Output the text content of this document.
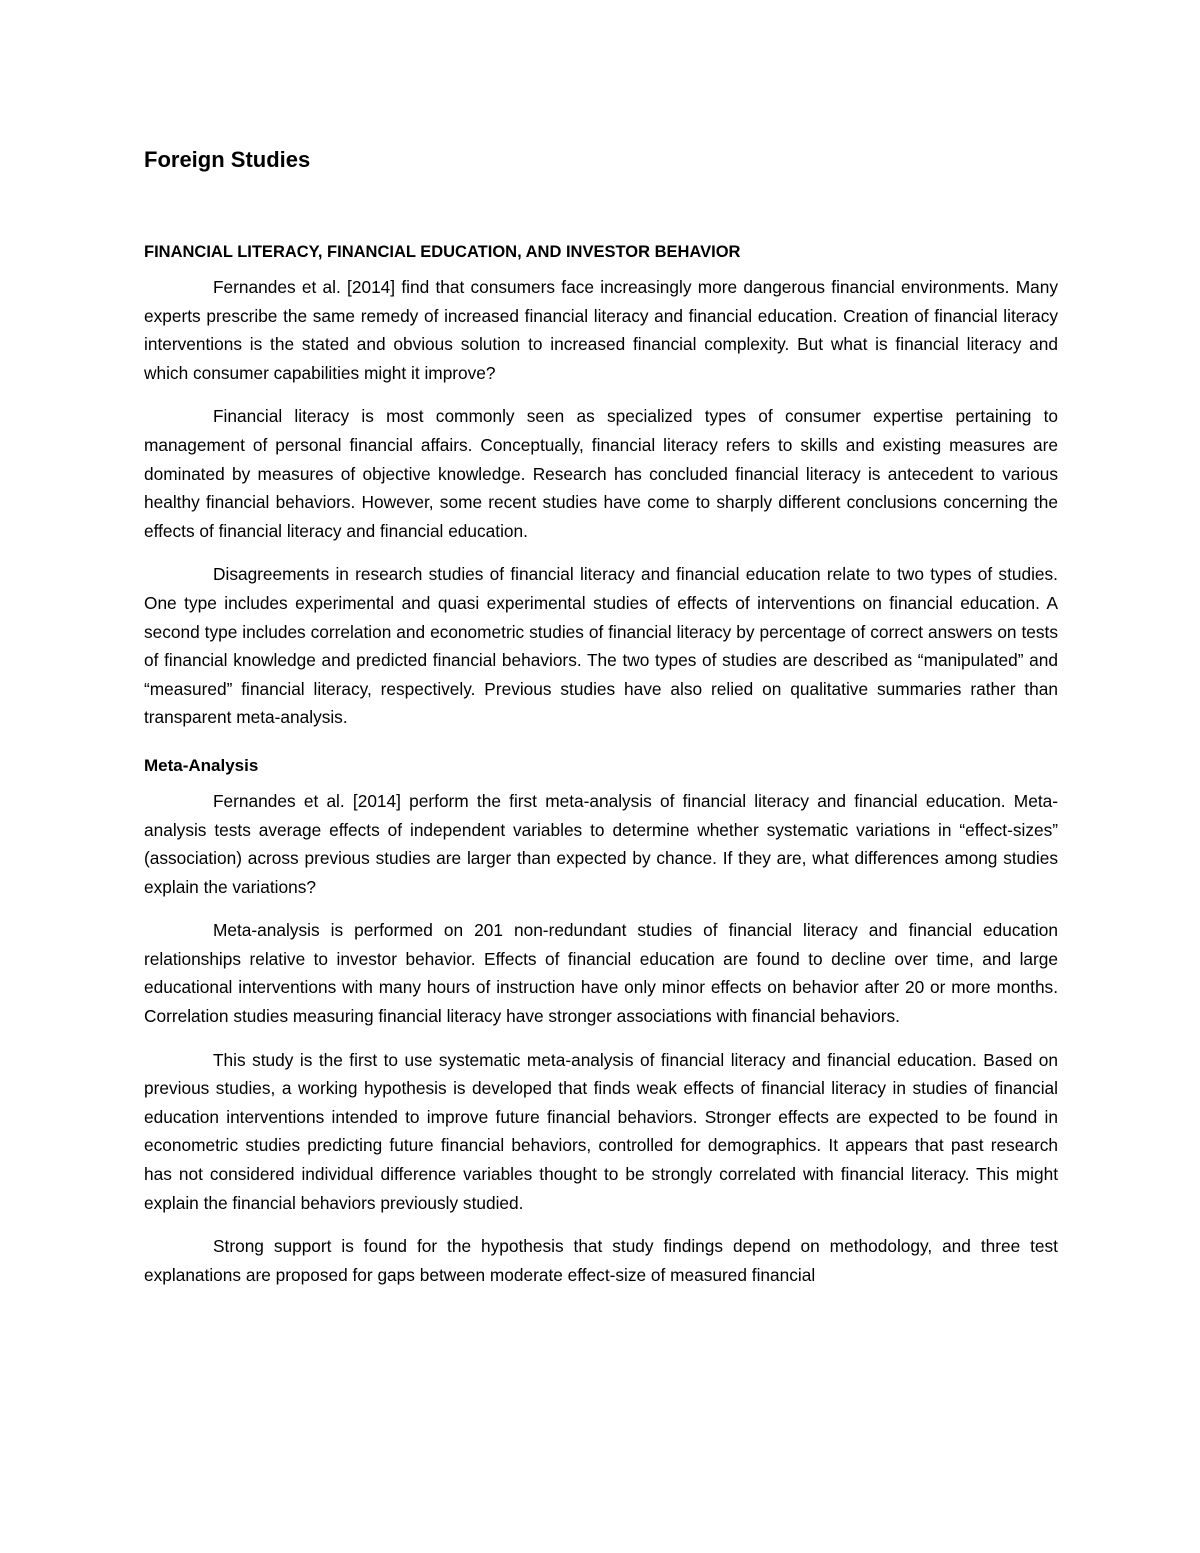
Foreign Studies
FINANCIAL LITERACY, FINANCIAL EDUCATION, AND INVESTOR BEHAVIOR

Fernandes et al. [2014] find that consumers face increasingly more dangerous financial environments. Many experts prescribe the same remedy of increased financial literacy and financial education. Creation of financial literacy interventions is the stated and obvious solution to increased financial complexity. But what is financial literacy and which consumer capabilities might it improve?

Financial literacy is most commonly seen as specialized types of consumer expertise pertaining to management of personal financial affairs. Conceptually, financial literacy refers to skills and existing measures are dominated by measures of objective knowledge. Research has concluded financial literacy is antecedent to various healthy financial behaviors. However, some recent studies have come to sharply different conclusions concerning the effects of financial literacy and financial education.

Disagreements in research studies of financial literacy and financial education relate to two types of studies. One type includes experimental and quasi experimental studies of effects of interventions on financial education. A second type includes correlation and econometric studies of financial literacy by percentage of correct answers on tests of financial knowledge and predicted financial behaviors. The two types of studies are described as “manipulated” and “measured” financial literacy, respectively. Previous studies have also relied on qualitative summaries rather than transparent meta-analysis.

Meta-Analysis

Fernandes et al. [2014] perform the first meta-analysis of financial literacy and financial education. Meta-analysis tests average effects of independent variables to determine whether systematic variations in “effect-sizes” (association) across previous studies are larger than expected by chance. If they are, what differences among studies explain the variations?

Meta-analysis is performed on 201 non-redundant studies of financial literacy and financial education relationships relative to investor behavior. Effects of financial education are found to decline over time, and large educational interventions with many hours of instruction have only minor effects on behavior after 20 or more months. Correlation studies measuring financial literacy have stronger associations with financial behaviors.

This study is the first to use systematic meta-analysis of financial literacy and financial education. Based on previous studies, a working hypothesis is developed that finds weak effects of financial literacy in studies of financial education interventions intended to improve future financial behaviors. Stronger effects are expected to be found in econometric studies predicting future financial behaviors, controlled for demographics. It appears that past research has not considered individual difference variables thought to be strongly correlated with financial literacy. This might explain the financial behaviors previously studied.

Strong support is found for the hypothesis that study findings depend on methodology, and three test explanations are proposed for gaps between moderate effect-size of measured financial
